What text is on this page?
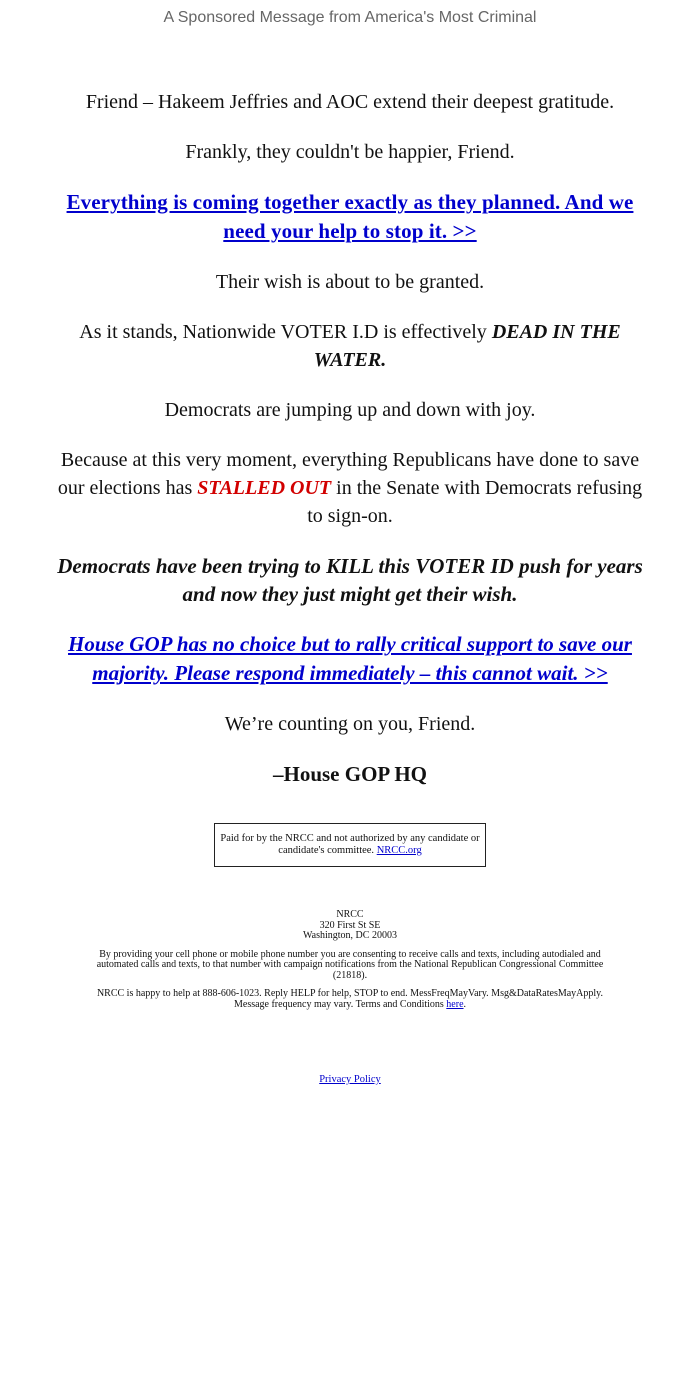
A Sponsored Message from America's Most Criminal

Friend – Hakeem Jeffries and AOC extend their deepest gratitude.

Frankly, they couldn't be happier, Friend.

Everything is coming together exactly as they planned. And we need your help to stop it. >>

Their wish is about to be granted.

As it stands, Nationwide VOTER I.D is effectively DEAD IN THE WATER.

Democrats are jumping up and down with joy.

Because at this very moment, everything Republicans have done to save our elections has STALLED OUT in the Senate with Democrats refusing to sign-on.

Democrats have been trying to KILL this VOTER ID push for years and now they just might get their wish.

House GOP has no choice but to rally critical support to save our majority. Please respond immediately – this cannot wait. >>

We’re counting on you, Friend.

–House GOP HQ

Paid for by the NRCC and not authorized by any candidate or candidate's committee. NRCC.org

NRCC
320 First St SE
Washington, DC 20003

By providing your cell phone or mobile phone number you are consenting to receive calls and texts, including autodialed and automated calls and texts, to that number with campaign notifications from the National Republican Congressional Committee (21818).

NRCC is happy to help at 888-606-1023. Reply HELP for help, STOP to end. MessFreqMayVary. Msg&DataRatesMayApply. Message frequency may vary. Terms and Conditions here.

Privacy Policy
